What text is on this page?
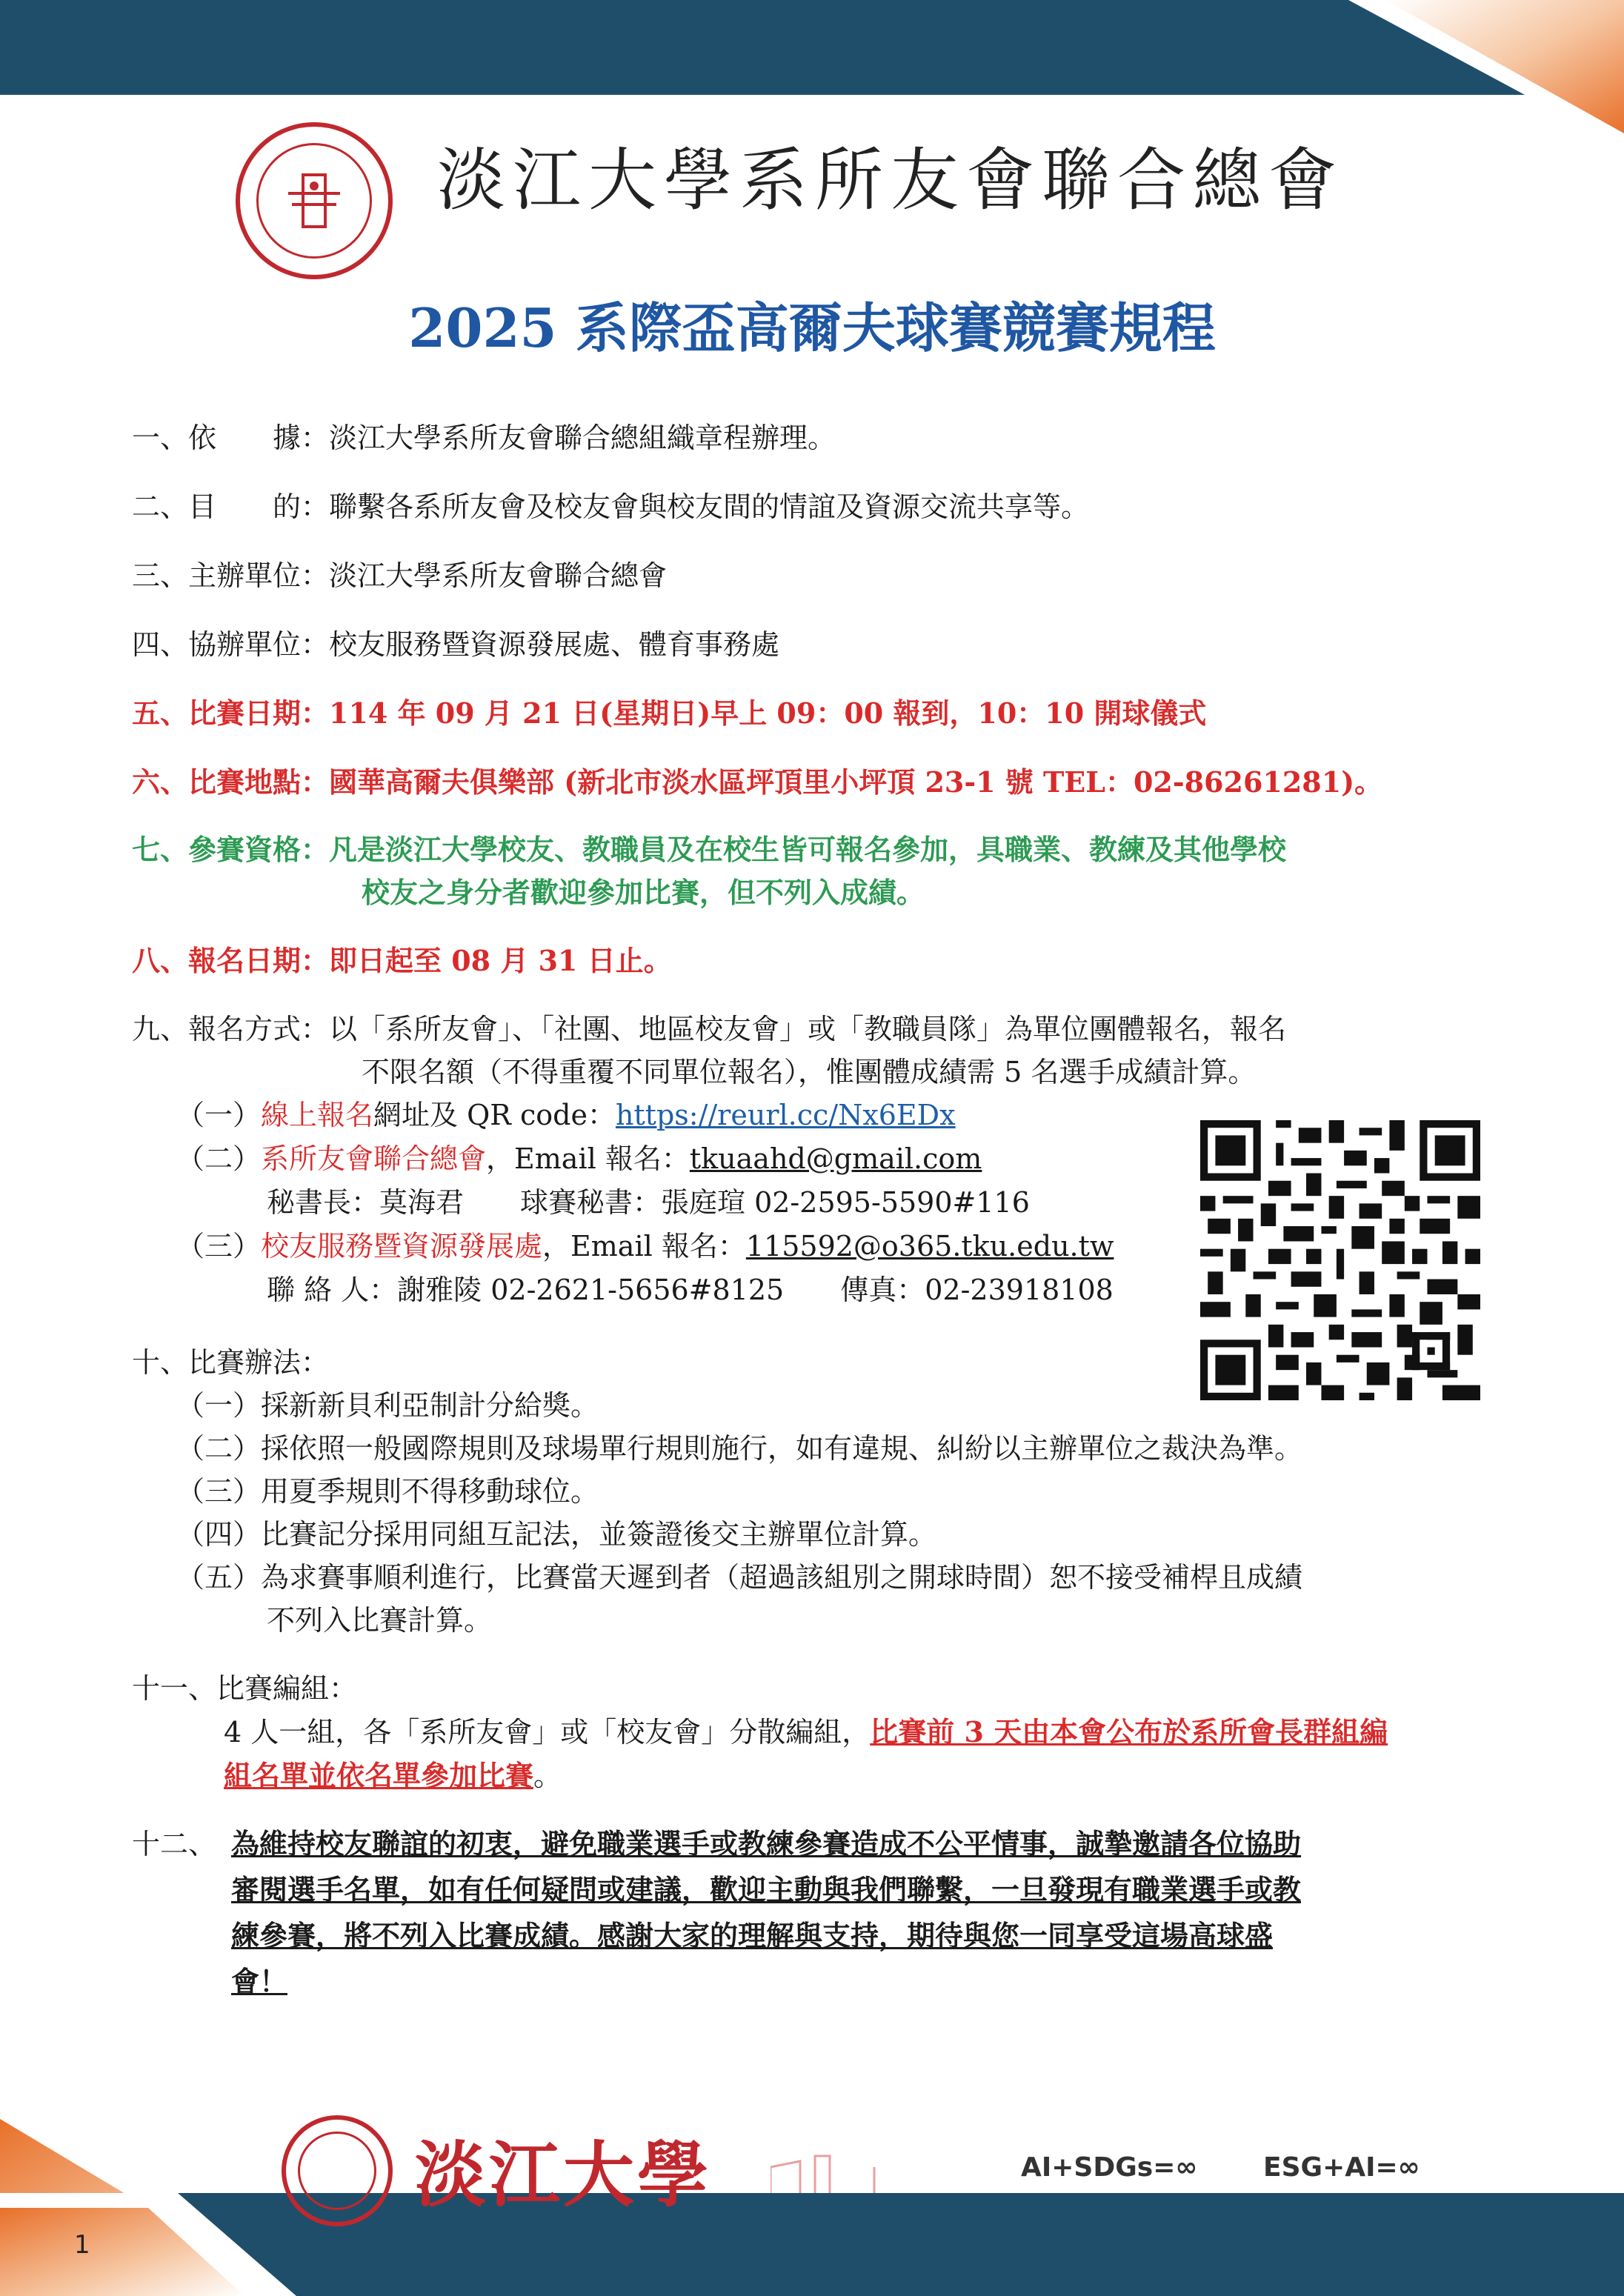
淡江大學系所友會聯合總會
2025 系際盃高爾夫球賽競賽規程
一、依　　據：淡江大學系所友會聯合總組織章程辦理。
二、目　　的：聯繫各系所友會及校友會與校友間的情誼及資源交流共享等。
三、主辦單位：淡江大學系所友會聯合總會
四、協辦單位：校友服務暨資源發展處、體育事務處
五、比賽日期：114 年 09 月 21 日(星期日)早上 09：00 報到，10：10 開球儀式
六、比賽地點：國華高爾夫俱樂部 (新北市淡水區坪頂里小坪頂 23-1 號 TEL：02-86261281)。
七、參賽資格：凡是淡江大學校友、教職員及在校生皆可報名參加，具職業、教練及其他學校
校友之身分者歡迎參加比賽，但不列入成績。
八、報名日期：即日起至 08 月 31 日止。
九、報名方式：以「系所友會」、「社團、地區校友會」或「教職員隊」為單位團體報名，報名
不限名額（不得重覆不同單位報名），惟團體成績需 5 名選手成績計算。
（一）線上報名網址及 QR code：https://reurl.cc/Nx6EDx
（二）系所友會聯合總會，Email 報名：tkuaahd@gmail.com
秘書長：莫海君　　球賽秘書：張庭瑄 02-2595-5590#116
（三）校友服務暨資源發展處，Email 報名：115592@o365.tku.edu.tw
聯 絡 人：謝雅陵 02-2621-5656#8125　　傳真：02-23918108
十、比賽辦法：
（一）採新新貝利亞制計分給獎。
（二）採依照一般國際規則及球場單行規則施行，如有違規、糾紛以主辦單位之裁決為準。
（三）用夏季規則不得移動球位。
（四）比賽記分採用同組互記法，並簽證後交主辦單位計算。
（五）為求賽事順利進行，比賽當天遲到者（超過該組別之開球時間）恕不接受補桿且成績
不列入比賽計算。
十一、比賽編組：
4 人一組，各「系所友會」或「校友會」分散編組，比賽前 3 天由本會公布於系所會長群組編
組名單並依名單參加比賽。
十二、 為維持校友聯誼的初衷，避免職業選手或教練參賽造成不公平情事，誠摯邀請各位協助
審閱選手名單，如有任何疑問或建議，歡迎主動與我們聯繫，一旦發現有職業選手或教
練參賽，將不列入比賽成績。感謝大家的理解與支持，期待與您一同享受這場高球盛
會！
淡江大學	AI+SDGs=∞ ESG+AI=∞
1
